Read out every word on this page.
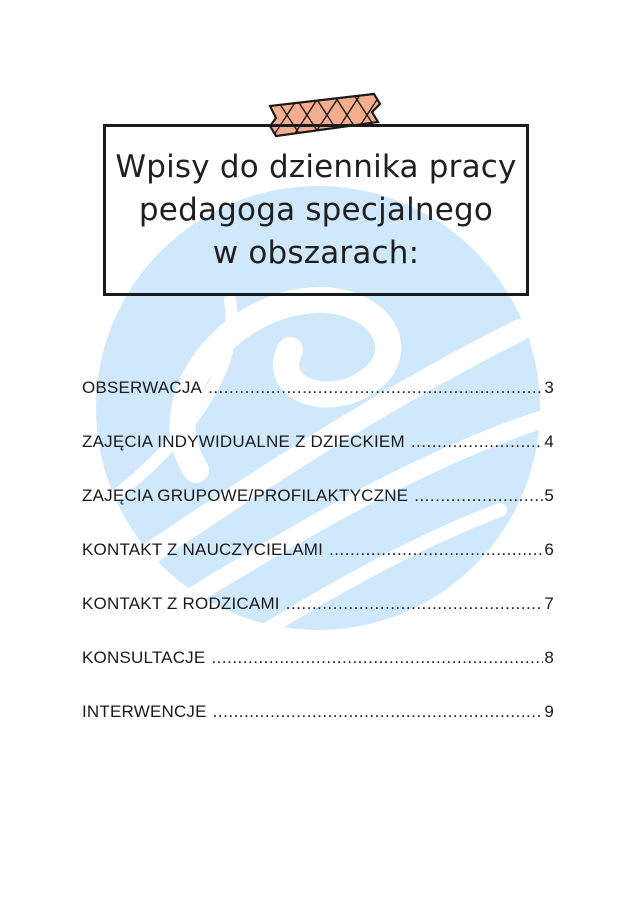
Wpisy do dziennika pracy
pedagoga specjalnego
w obszarach:
OBSERWACJA .....	3
ZAJĘCIA INDYWIDUALNE Z DZIECKIEM .....	4
ZAJĘCIA GRUPOWE/PROFILAKTYCZNE .....	5
KONTAKT Z NAUCZYCIELAMI .....	6
KONTAKT Z RODZICAMI .....	7
KONSULTACJE .....	8
INTERWENCJE .....	9
